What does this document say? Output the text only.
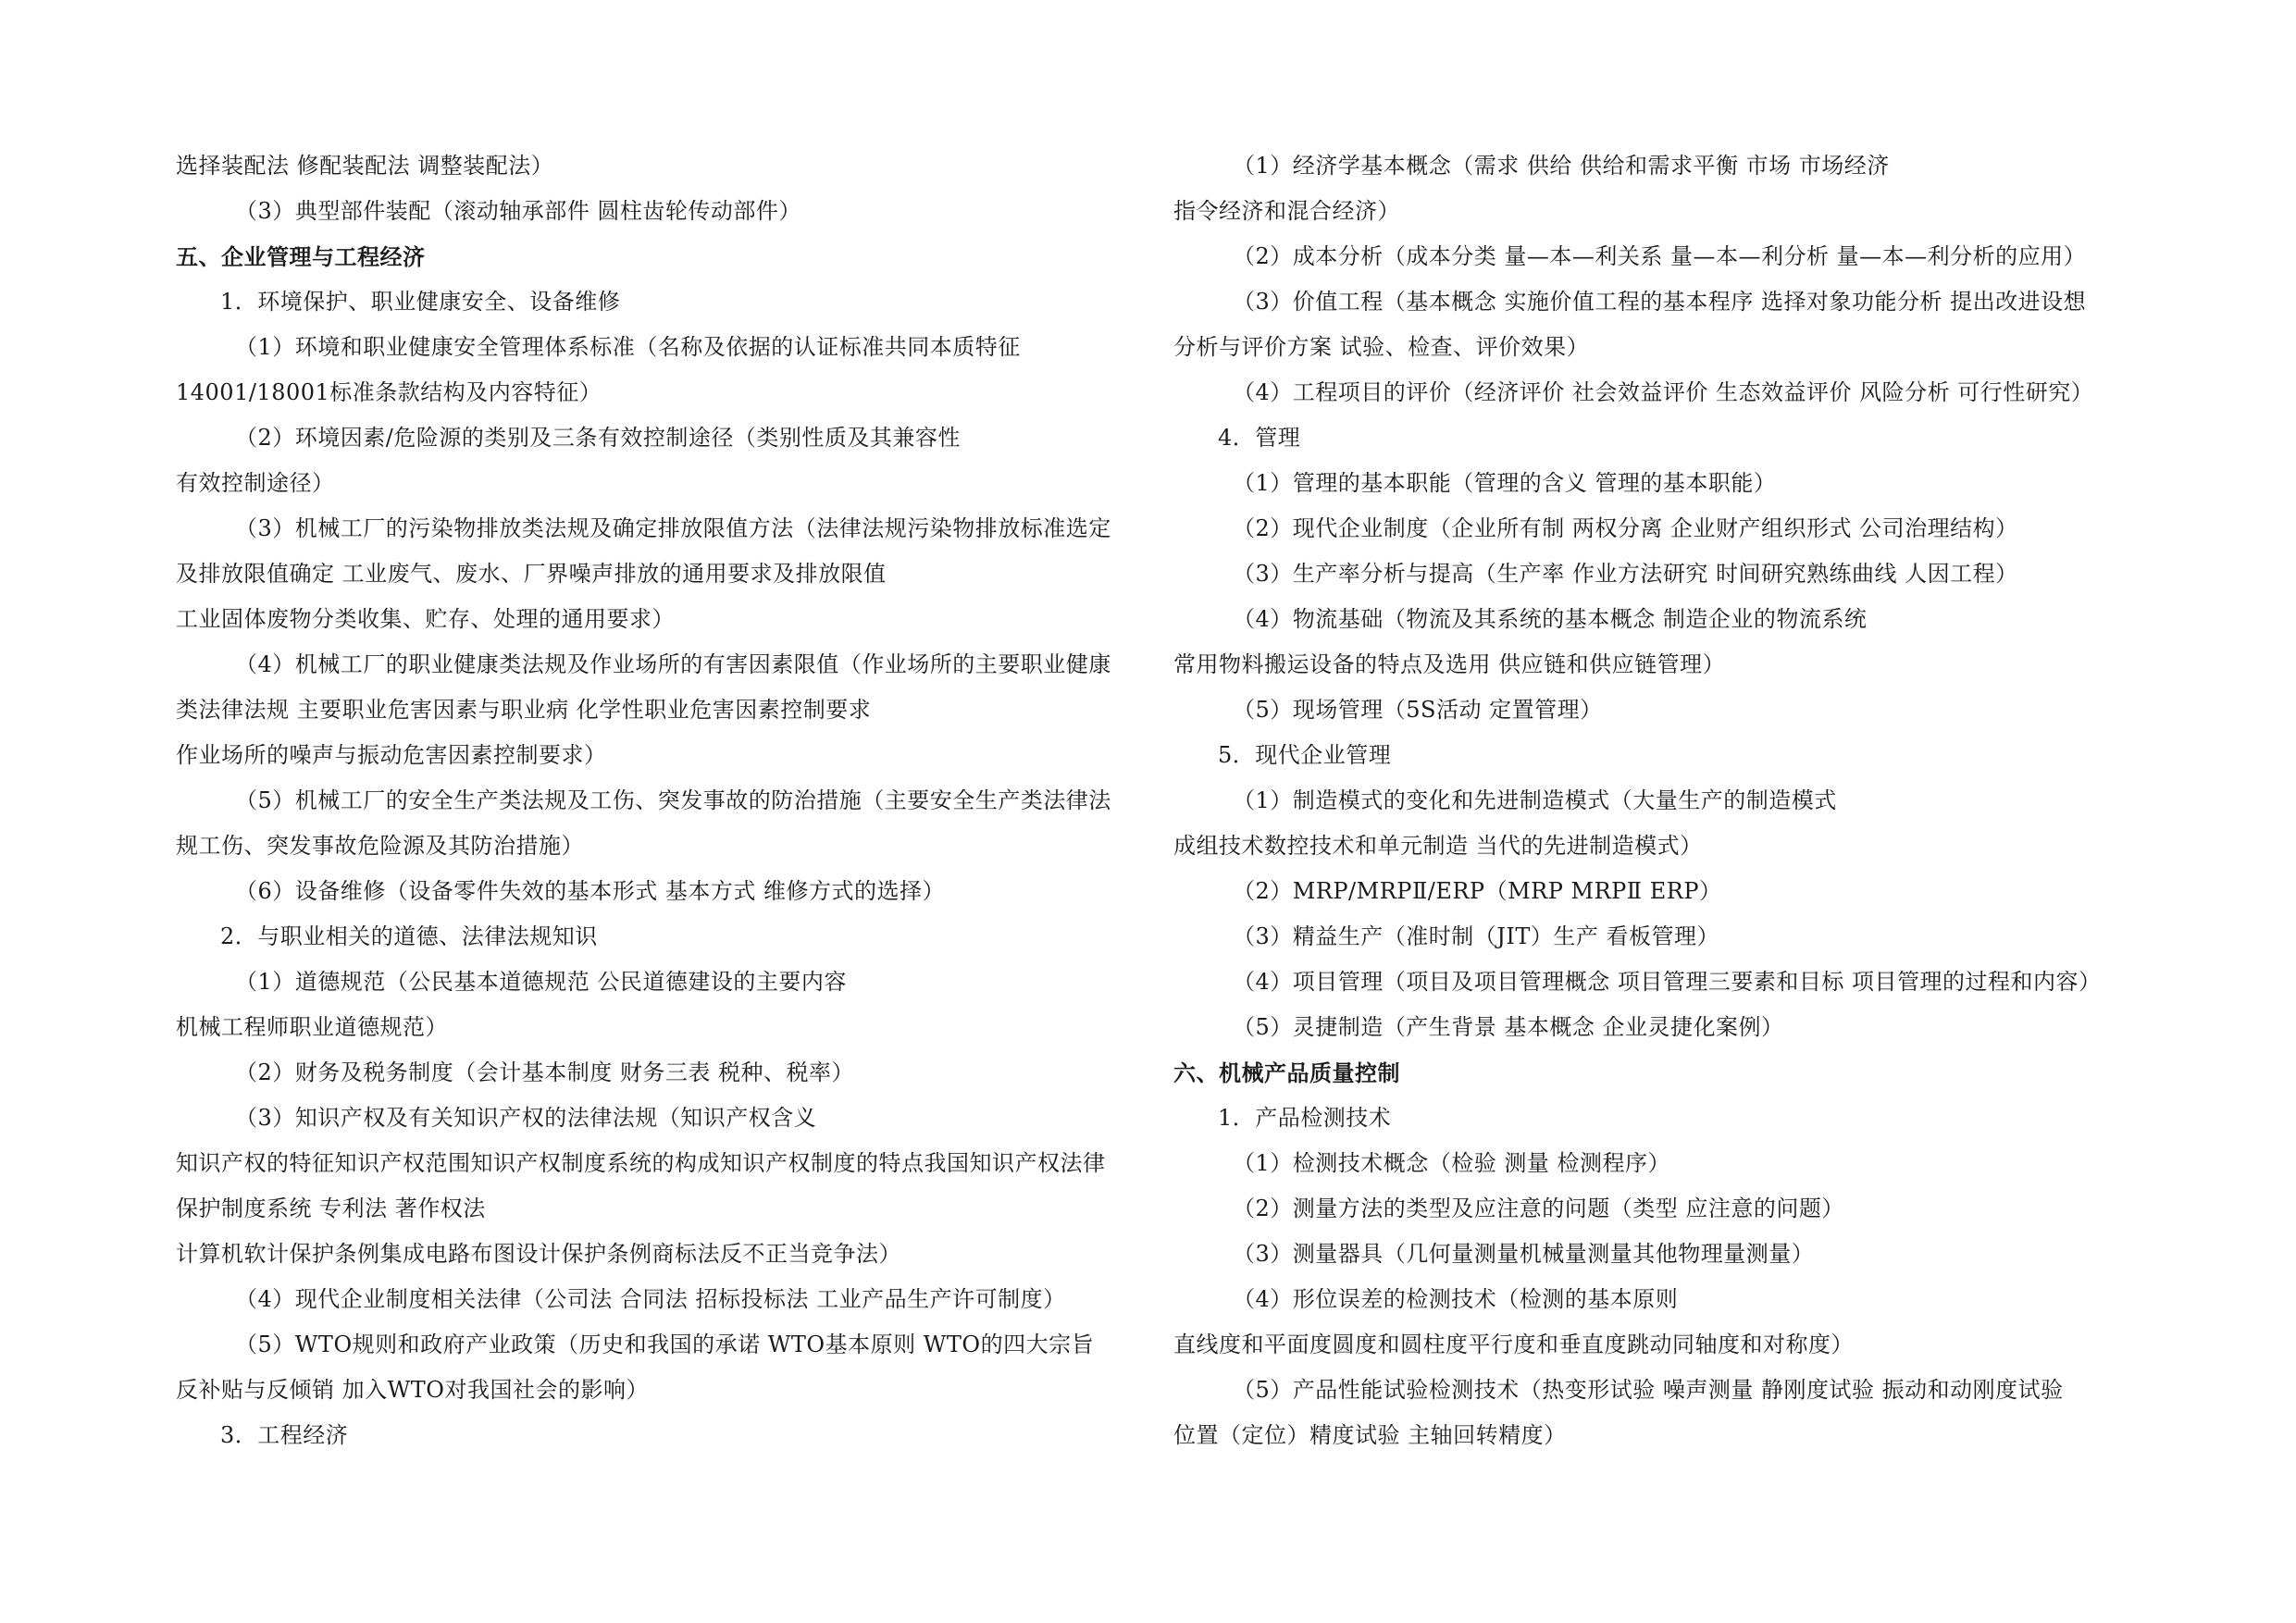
选择装配法 修配装配法 调整装配法）
（3）典型部件装配（滚动轴承部件 圆柱齿轮传动部件）
五、企业管理与工程经济
1．环境保护、职业健康安全、设备维修
（1）环境和职业健康安全管理体系标准（名称及依据的认证标准共同本质特征
14001/18001标准条款结构及内容特征）
（2）环境因素/危险源的类别及三条有效控制途径（类别性质及其兼容性
有效控制途径）
（3）机械工厂的污染物排放类法规及确定排放限值方法（法律法规污染物排放标准选定
及排放限值确定 工业废气、废水、厂界噪声排放的通用要求及排放限值
工业固体废物分类收集、贮存、处理的通用要求）
（4）机械工厂的职业健康类法规及作业场所的有害因素限值（作业场所的主要职业健康
类法律法规 主要职业危害因素与职业病 化学性职业危害因素控制要求
作业场所的噪声与振动危害因素控制要求）
（5）机械工厂的安全生产类法规及工伤、突发事故的防治措施（主要安全生产类法律法
规工伤、突发事故危险源及其防治措施）
（6）设备维修（设备零件失效的基本形式 基本方式 维修方式的选择）
2．与职业相关的道德、法律法规知识
（1）道德规范（公民基本道德规范 公民道德建设的主要内容
机械工程师职业道德规范）
（2）财务及税务制度（会计基本制度 财务三表 税种、税率）
（3）知识产权及有关知识产权的法律法规（知识产权含义
知识产权的特征知识产权范围知识产权制度系统的构成知识产权制度的特点我国知识产权法律
保护制度系统 专利法 著作权法
计算机软计保护条例集成电路布图设计保护条例商标法反不正当竞争法）
（4）现代企业制度相关法律（公司法 合同法 招标投标法 工业产品生产许可制度）
（5）WTO规则和政府产业政策（历史和我国的承诺 WTO基本原则 WTO的四大宗旨
反补贴与反倾销 加入WTO对我国社会的影响）
3．工程经济
（1）经济学基本概念（需求 供给 供给和需求平衡 市场 市场经济
指令经济和混合经济）
（2）成本分析（成本分类 量—本—利关系 量—本—利分析 量—本—利分析的应用）
（3）价值工程（基本概念 实施价值工程的基本程序 选择对象功能分析 提出改进设想
分析与评价方案 试验、检查、评价效果）
（4）工程项目的评价（经济评价 社会效益评价 生态效益评价 风险分析 可行性研究）
4．管理
（1）管理的基本职能（管理的含义 管理的基本职能）
（2）现代企业制度（企业所有制 两权分离 企业财产组织形式 公司治理结构）
（3）生产率分析与提高（生产率 作业方法研究 时间研究熟练曲线 人因工程）
（4）物流基础（物流及其系统的基本概念 制造企业的物流系统
常用物料搬运设备的特点及选用 供应链和供应链管理）
（5）现场管理（5S活动 定置管理）
5．现代企业管理
（1）制造模式的变化和先进制造模式（大量生产的制造模式
成组技术数控技术和单元制造 当代的先进制造模式）
（2）MRP/MRPⅡ/ERP（MRP MRPⅡ ERP）
（3）精益生产（准时制（JIT）生产 看板管理）
（4）项目管理（项目及项目管理概念 项目管理三要素和目标 项目管理的过程和内容）
（5）灵捷制造（产生背景 基本概念 企业灵捷化案例）
六、机械产品质量控制
1．产品检测技术
（1）检测技术概念（检验 测量 检测程序）
（2）测量方法的类型及应注意的问题（类型 应注意的问题）
（3）测量器具（几何量测量机械量测量其他物理量测量）
（4）形位误差的检测技术（检测的基本原则
直线度和平面度圆度和圆柱度平行度和垂直度跳动同轴度和对称度）
（5）产品性能试验检测技术（热变形试验 噪声测量 静刚度试验 振动和动刚度试验
位置（定位）精度试验 主轴回转精度）
